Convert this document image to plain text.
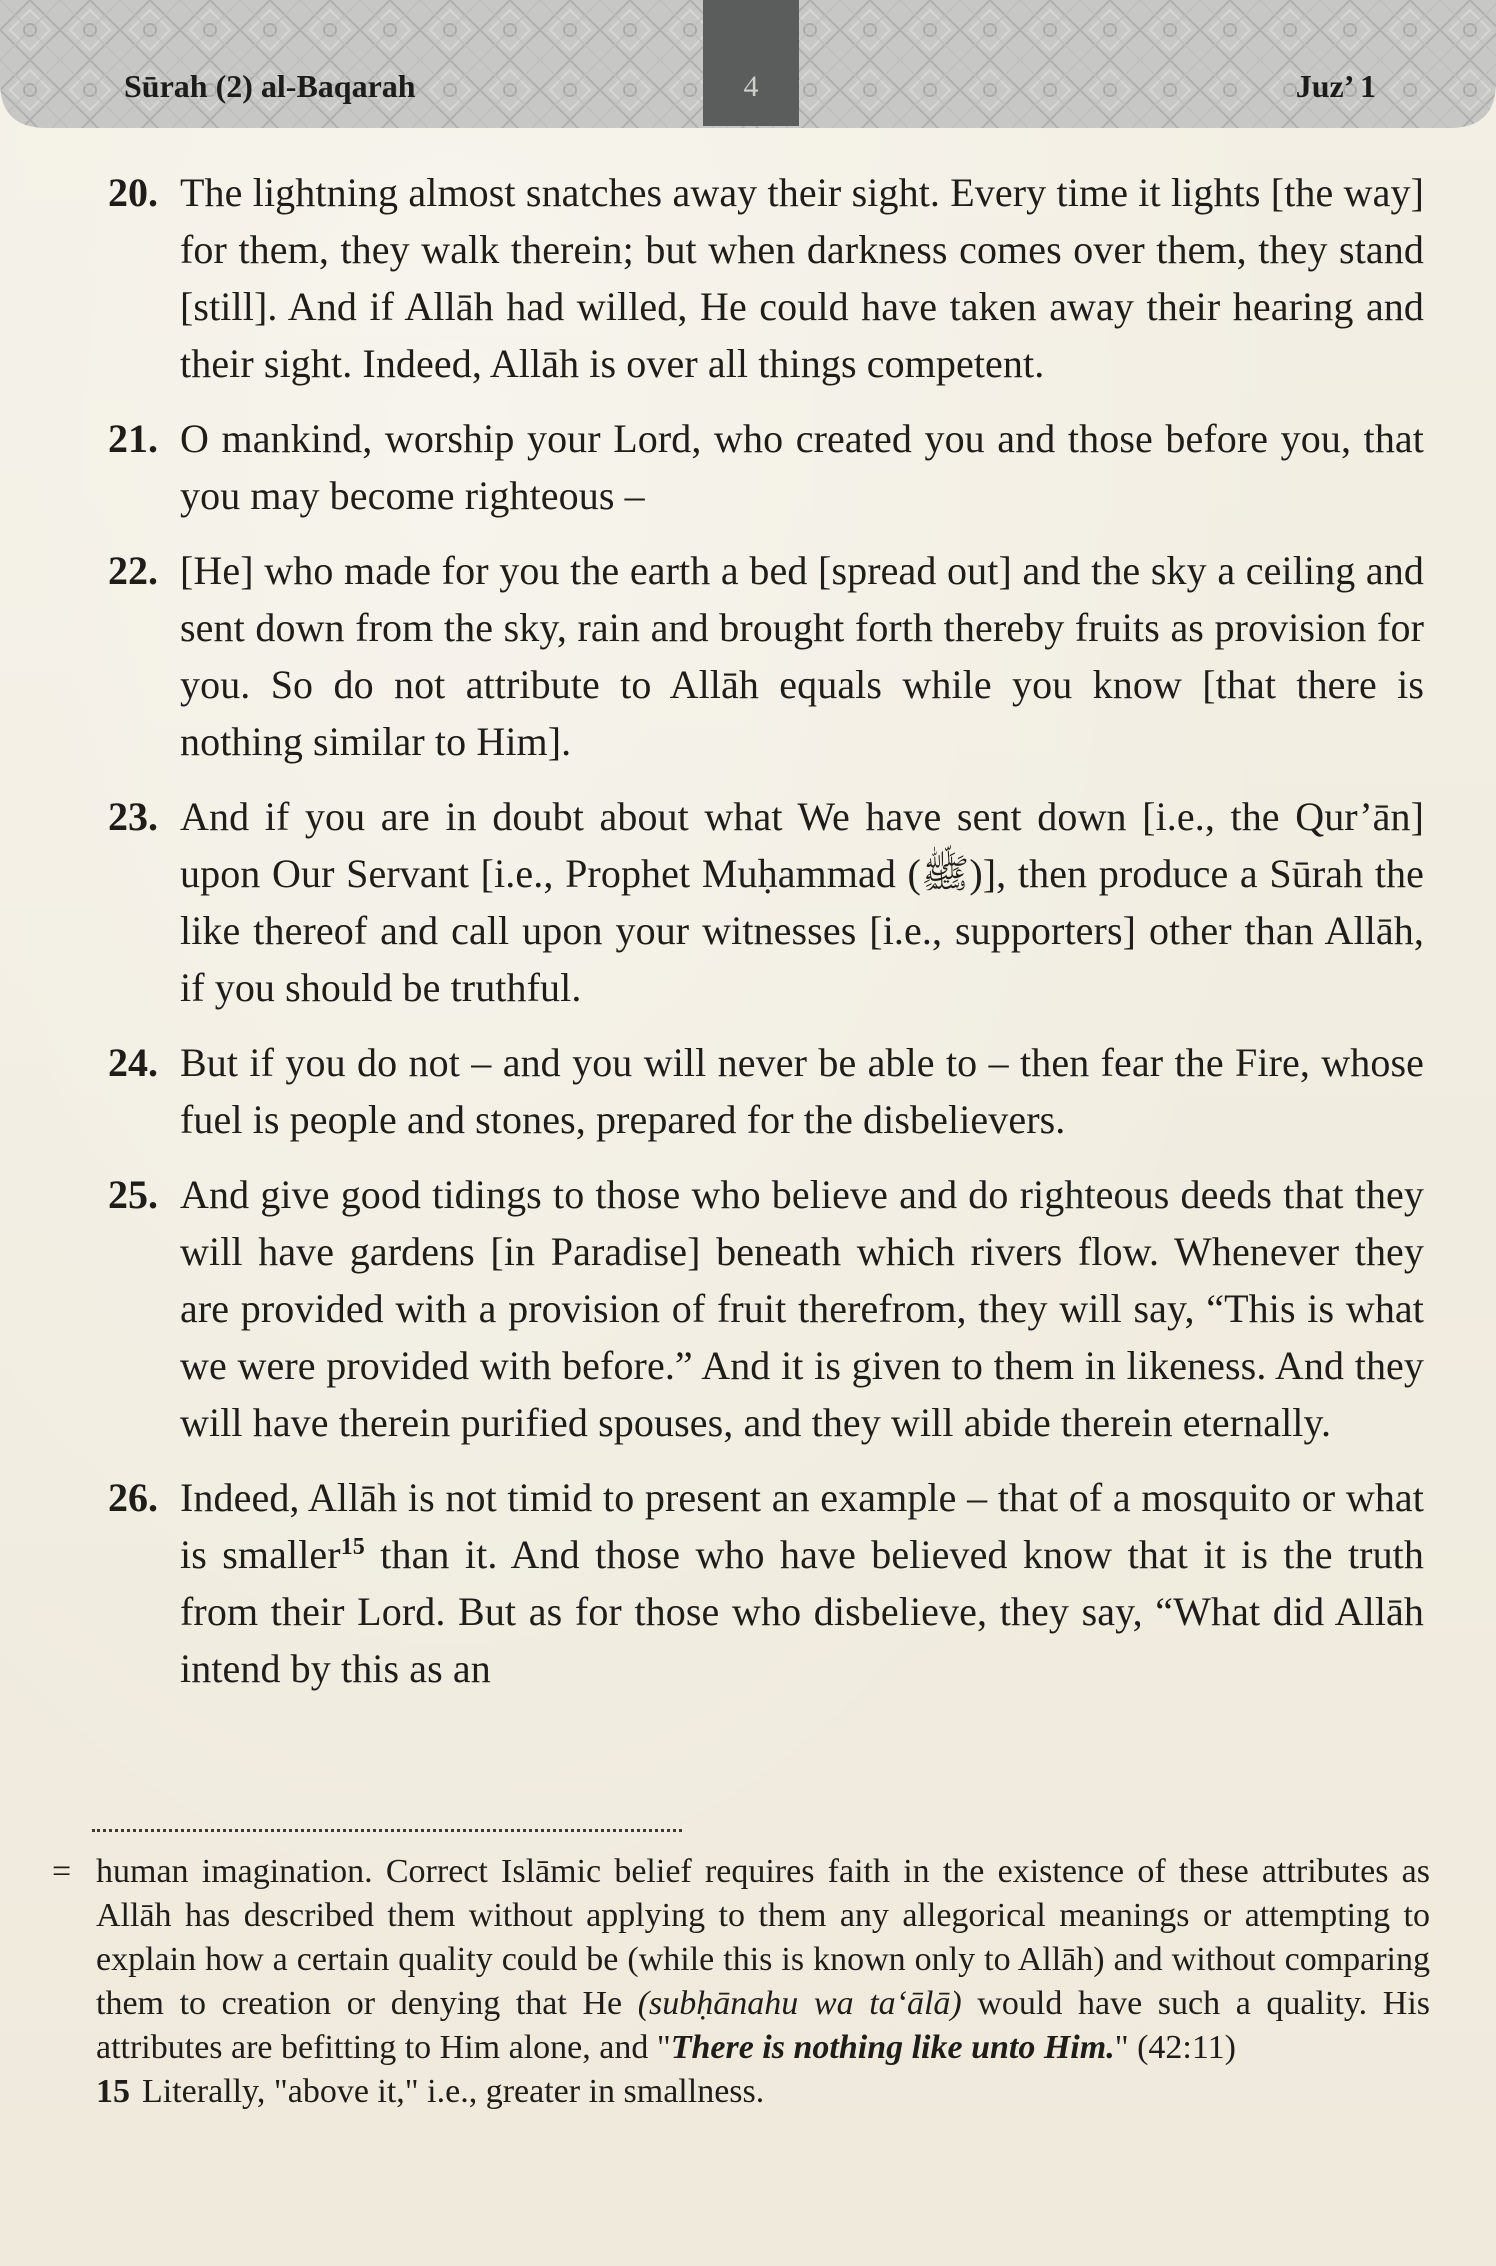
Sūrah (2) al-Baqarah	4	Juz’ 1
20. The lightning almost snatches away their sight. Every time it lights [the way] for them, they walk therein; but when darkness comes over them, they stand [still]. And if Allāh had willed, He could have taken away their hearing and their sight. Indeed, Allāh is over all things competent.
21. O mankind, worship your Lord, who created you and those before you, that you may become righteous –
22. [He] who made for you the earth a bed [spread out] and the sky a ceiling and sent down from the sky, rain and brought forth thereby fruits as provision for you. So do not attribute to Allāh equals while you know [that there is nothing similar to Him].
23. And if you are in doubt about what We have sent down [i.e., the Qur’ān] upon Our Servant [i.e., Prophet Muḥammad (ﷺ)], then produce a Sūrah the like thereof and call upon your witnesses [i.e., supporters] other than Allāh, if you should be truthful.
24. But if you do not – and you will never be able to – then fear the Fire, whose fuel is people and stones, prepared for the disbelievers.
25. And give good tidings to those who believe and do righteous deeds that they will have gardens [in Paradise] beneath which rivers flow. Whenever they are provided with a provision of fruit therefrom, they will say, “This is what we were provided with before.” And it is given to them in likeness. And they will have therein purified spouses, and they will abide therein eternally.
26. Indeed, Allāh is not timid to present an example – that of a mosquito or what is smaller$^{15}$ than it. And those who have believed know that it is the truth from their Lord. But as for those who disbelieve, they say, “What did Allāh intend by this as an
= human imagination. Correct Islāmic belief requires faith in the existence of these attributes as Allāh has described them without applying to them any allegorical meanings or attempting to explain how a certain quality could be (while this is known only to Allāh) and without comparing them to creation or denying that He (subḥānahu wa ta‘ālā) would have such a quality. His attributes are befitting to Him alone, and "There is nothing like unto Him." (42:11)
15 Literally, "above it," i.e., greater in smallness.
